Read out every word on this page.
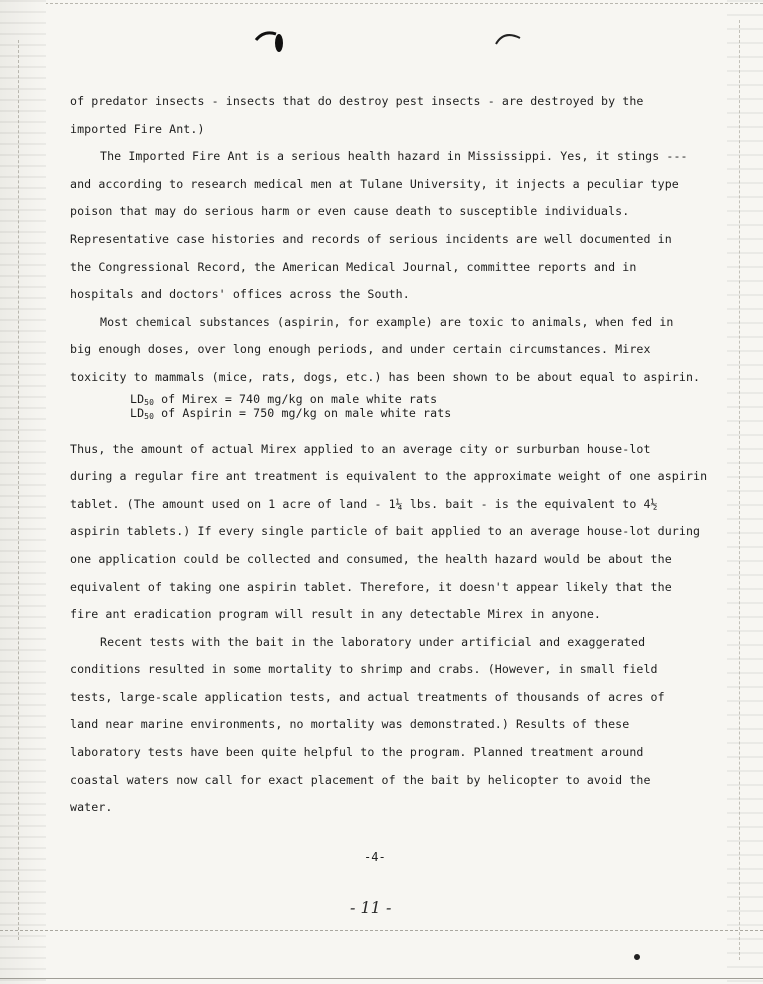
of predator insects - insects that do destroy pest insects - are destroyed by the

imported Fire Ant.)

The Imported Fire Ant is a serious health hazard in Mississippi. Yes, it stings ---

and according to research medical men at Tulane University, it injects a peculiar type

poison that may do serious harm or even cause death to susceptible individuals.

Representative case histories and records of serious incidents are well documented in

the Congressional Record, the American Medical Journal, committee reports and in

hospitals and doctors' offices across the South.

Most chemical substances (aspirin, for example) are toxic to animals, when fed in

big enough doses, over long enough periods, and under certain circumstances. Mirex

toxicity to mammals (mice, rats, dogs, etc.) has been shown to be about equal to aspirin.

$LD_{50}$ of Mirex = 740 mg/kg on male white rats

$LD_{50}$ of Aspirin = 750 mg/kg on male white rats

Thus, the amount of actual Mirex applied to an average city or surburban house-lot

during a regular fire ant treatment is equivalent to the approximate weight of one aspirin

tablet. (The amount used on 1 acre of land - 1¼ lbs. bait - is the equivalent to 4½

aspirin tablets.) If every single particle of bait applied to an average house-lot during

one application could be collected and consumed, the health hazard would be about the

equivalent of taking one aspirin tablet. Therefore, it doesn't appear likely that the

fire ant eradication program will result in any detectable Mirex in anyone.

Recent tests with the bait in the laboratory under artificial and exaggerated

conditions resulted in some mortality to shrimp and crabs. (However, in small field

tests, large-scale application tests, and actual treatments of thousands of acres of

land near marine environments, no mortality was demonstrated.) Results of these

laboratory tests have been quite helpful to the program. Planned treatment around

coastal waters now call for exact placement of the bait by helicopter to avoid the

water.

-4-
- 11 -
